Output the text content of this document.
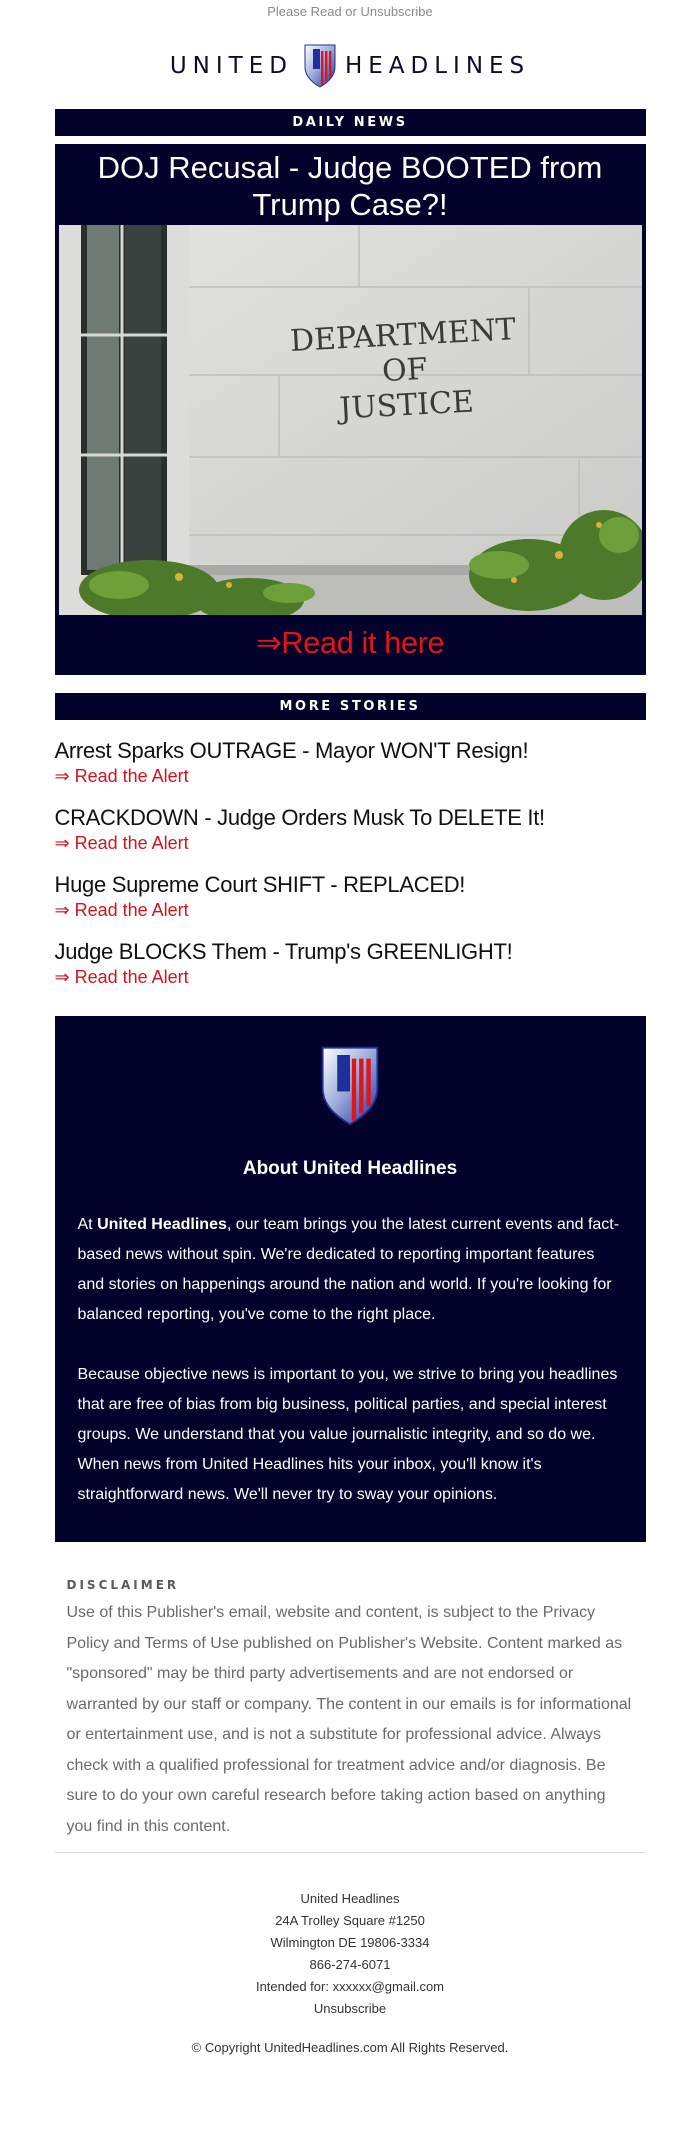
Please Read or Unsubscribe
UNITED HEADLINES
DAILY NEWS
DOJ Recusal - Judge BOOTED from Trump Case?!
DEPARTMENT
OF
JUSTICE
⇒Read it here
MORE STORIES
Arrest Sparks OUTRAGE - Mayor WON'T Resign!
⇒ Read the Alert
CRACKDOWN - Judge Orders Musk To DELETE It!
⇒ Read the Alert
Huge Supreme Court SHIFT - REPLACED!
⇒ Read the Alert
Judge BLOCKS Them - Trump's GREENLIGHT!
⇒ Read the Alert
About United Headlines

At United Headlines, our team brings you the latest current events and fact-based news without spin. We're dedicated to reporting important features and stories on happenings around the nation and world. If you're looking for balanced reporting, you've come to the right place.

Because objective news is important to you, we strive to bring you headlines that are free of bias from big business, political parties, and special interest groups. We understand that you value journalistic integrity, and so do we. When news from United Headlines hits your inbox, you'll know it's straightforward news. We'll never try to sway your opinions.

DISCLAIMER
Use of this Publisher's email, website and content, is subject to the Privacy Policy and Terms of Use published on Publisher's Website. Content marked as "sponsored" may be third party advertisements and are not endorsed or warranted by our staff or company. The content in our emails is for informational or entertainment use, and is not a substitute for professional advice. Always check with a qualified professional for treatment advice and/or diagnosis. Be sure to do your own careful research before taking action based on anything you find in this content.
United Headlines
24A Trolley Square #1250
Wilmington DE 19806-3334
866-274-6071
Intended for: xxxxxx@gmail.com
Unsubscribe
© Copyright UnitedHeadlines.com All Rights Reserved.
